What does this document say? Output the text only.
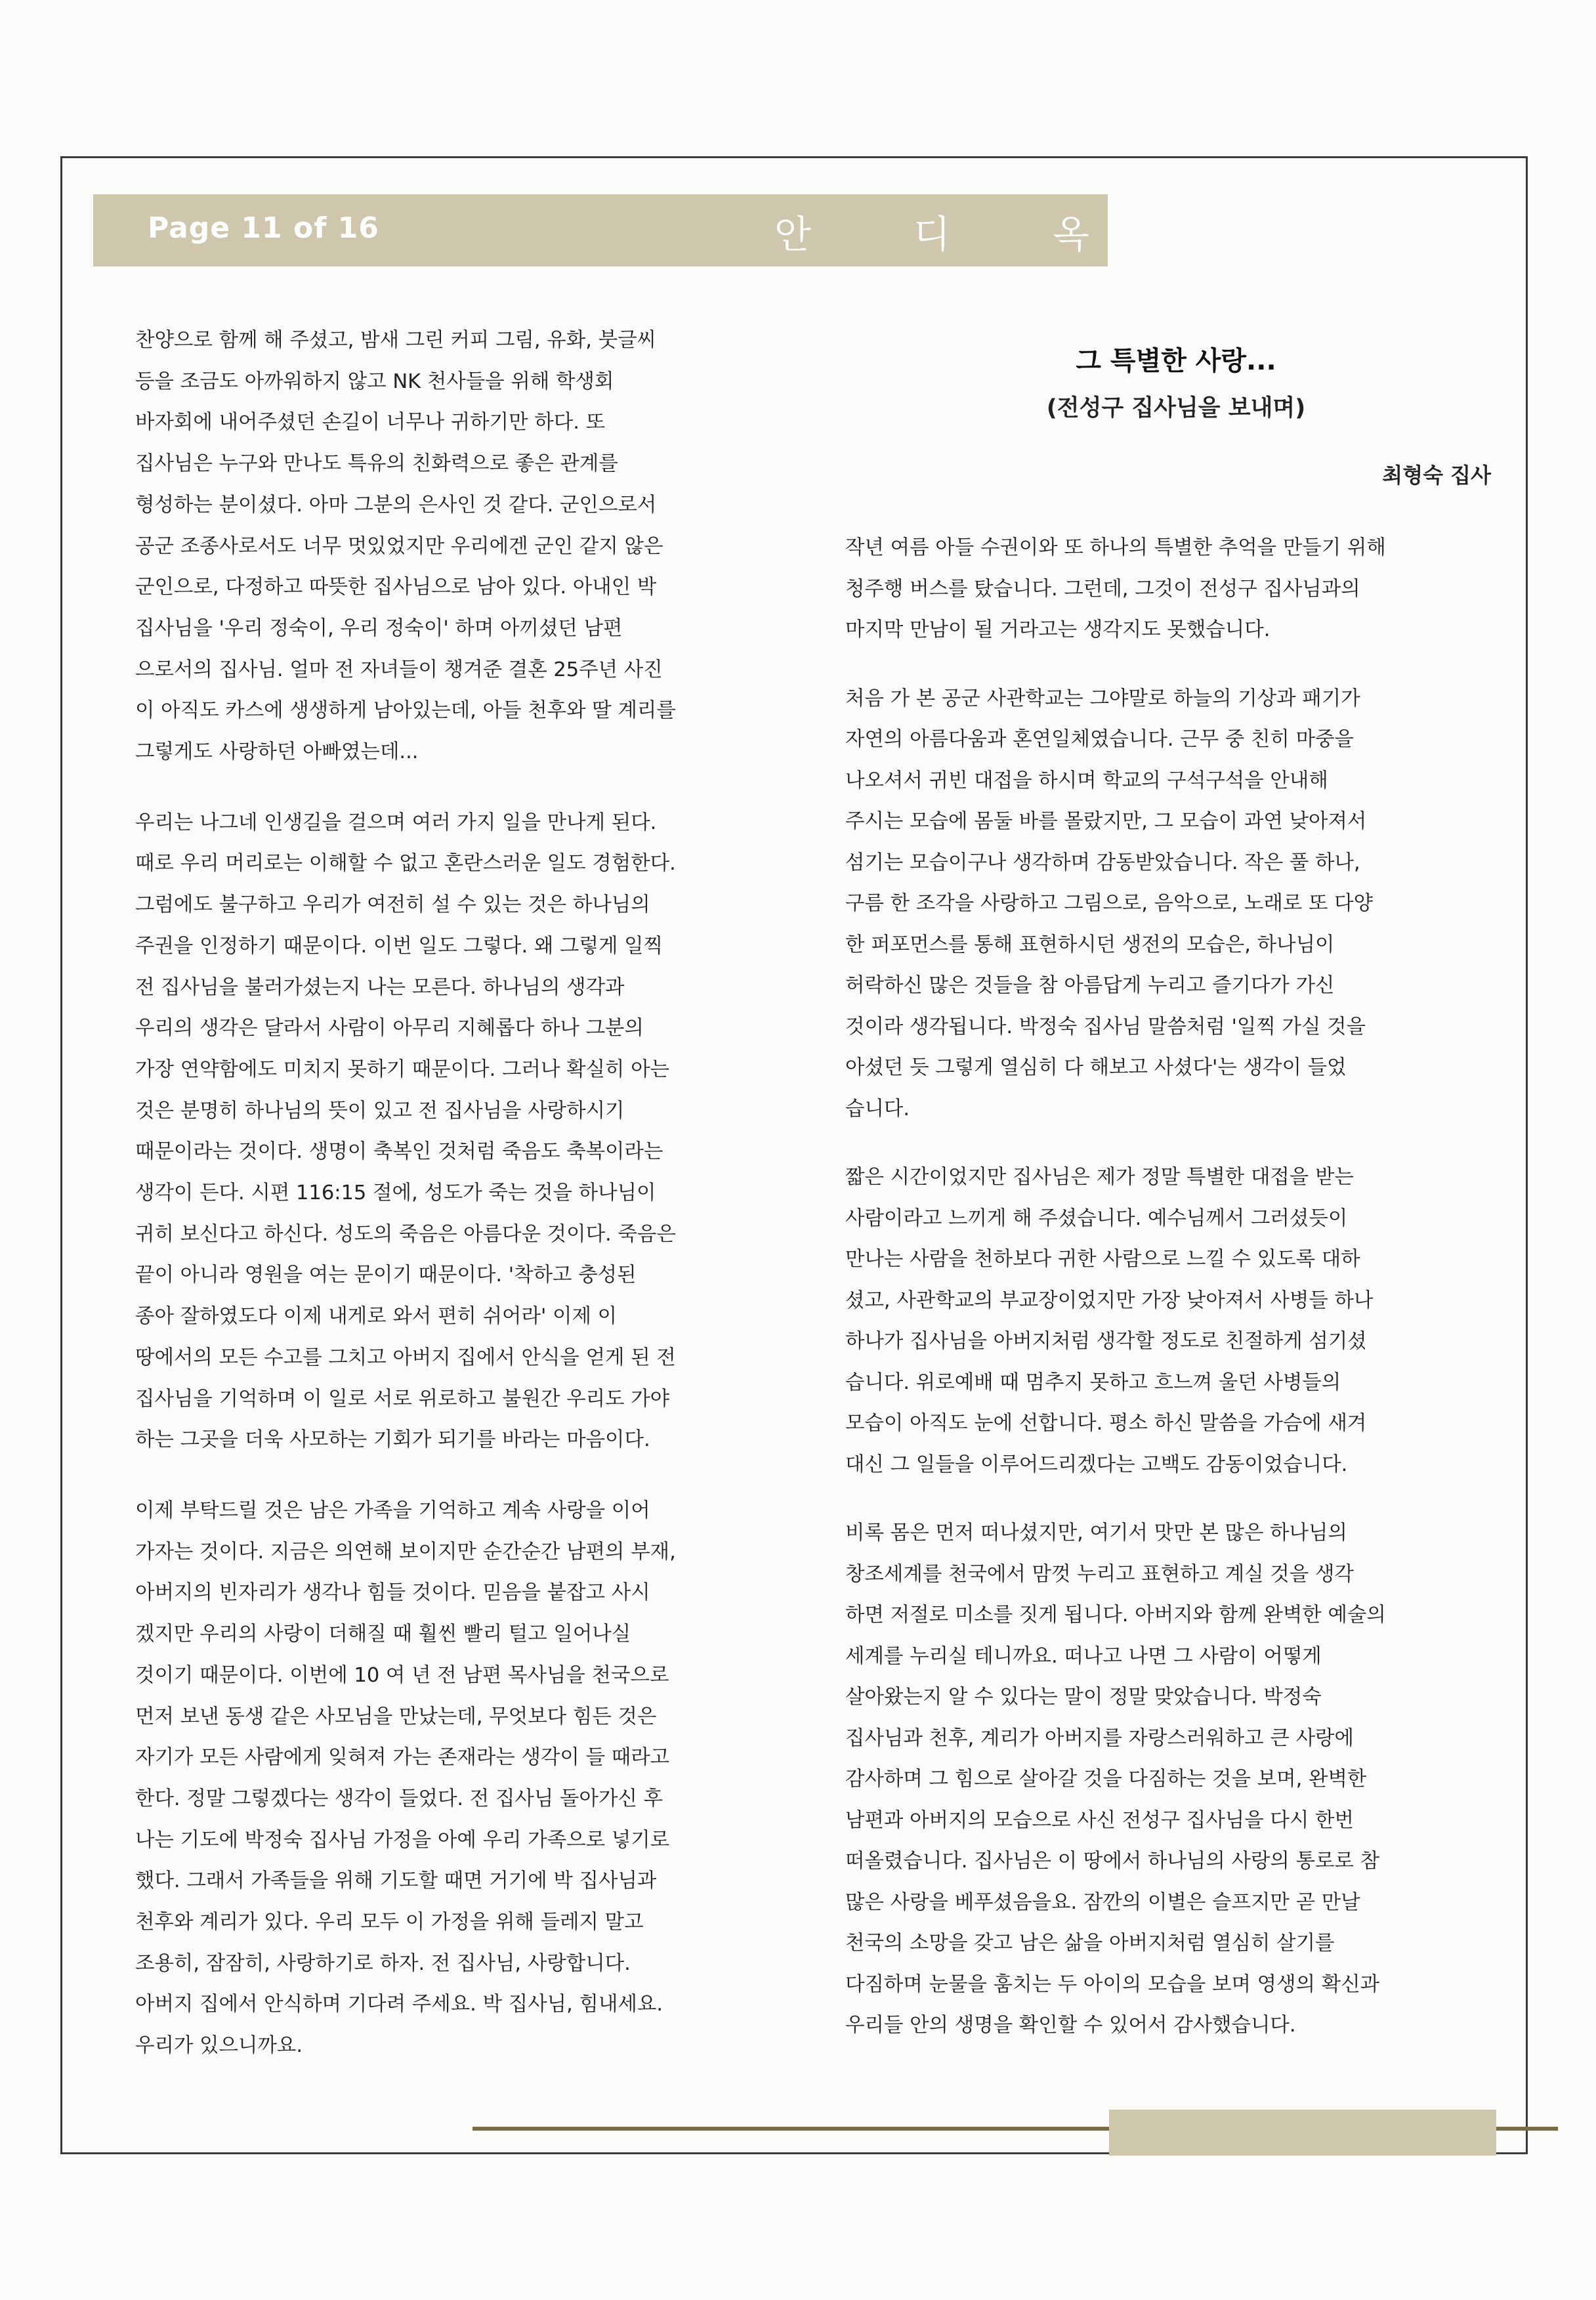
Page 11 of 16	안	디	옥
찬양으로 함께 해 주셨고, 밤새 그린 커피 그림, 유화, 붓글씨
등을 조금도 아까워하지 않고 NK 천사들을 위해 학생회
바자회에 내어주셨던 손길이 너무나 귀하기만 하다. 또
집사님은 누구와 만나도 특유의 친화력으로 좋은 관계를
형성하는 분이셨다. 아마 그분의 은사인 것 같다. 군인으로서
공군 조종사로서도 너무 멋있었지만 우리에겐 군인 같지 않은
군인으로, 다정하고 따뜻한 집사님으로 남아 있다. 아내인 박
집사님을 '우리 정숙이, 우리 정숙이' 하며 아끼셨던 남편
으로서의 집사님. 얼마 전 자녀들이 챙겨준 결혼 25주년 사진
이 아직도 카스에 생생하게 남아있는데, 아들 천후와 딸 계리를
그렇게도 사랑하던 아빠였는데...
우리는 나그네 인생길을 걸으며 여러 가지 일을 만나게 된다.
때로 우리 머리로는 이해할 수 없고 혼란스러운 일도 경험한다.
그럼에도 불구하고 우리가 여전히 설 수 있는 것은 하나님의
주권을 인정하기 때문이다. 이번 일도 그렇다. 왜 그렇게 일찍
전 집사님을 불러가셨는지 나는 모른다. 하나님의 생각과
우리의 생각은 달라서 사람이 아무리 지혜롭다 하나 그분의
가장 연약함에도 미치지 못하기 때문이다. 그러나 확실히 아는
것은 분명히 하나님의 뜻이 있고 전 집사님을 사랑하시기
때문이라는 것이다. 생명이 축복인 것처럼 죽음도 축복이라는
생각이 든다. 시편 116:15 절에, 성도가 죽는 것을 하나님이
귀히 보신다고 하신다. 성도의 죽음은 아름다운 것이다. 죽음은
끝이 아니라 영원을 여는 문이기 때문이다. '착하고 충성된
종아 잘하였도다 이제 내게로 와서 편히 쉬어라' 이제 이
땅에서의 모든 수고를 그치고 아버지 집에서 안식을 얻게 된 전
집사님을 기억하며 이 일로 서로 위로하고 불원간 우리도 가야
하는 그곳을 더욱 사모하는 기회가 되기를 바라는 마음이다.
이제 부탁드릴 것은 남은 가족을 기억하고 계속 사랑을 이어
가자는 것이다. 지금은 의연해 보이지만 순간순간 남편의 부재,
아버지의 빈자리가 생각나 힘들 것이다. 믿음을 붙잡고 사시
겠지만 우리의 사랑이 더해질 때 훨씬 빨리 털고 일어나실
것이기 때문이다. 이번에 10 여 년 전 남편 목사님을 천국으로
먼저 보낸 동생 같은 사모님을 만났는데, 무엇보다 힘든 것은
자기가 모든 사람에게 잊혀져 가는 존재라는 생각이 들 때라고
한다. 정말 그렇겠다는 생각이 들었다. 전 집사님 돌아가신 후
나는 기도에 박정숙 집사님 가정을 아예 우리 가족으로 넣기로
했다. 그래서 가족들을 위해 기도할 때면 거기에 박 집사님과
천후와 계리가 있다. 우리 모두 이 가정을 위해 들레지 말고
조용히, 잠잠히, 사랑하기로 하자. 전 집사님, 사랑합니다.
아버지 집에서 안식하며 기다려 주세요. 박 집사님, 힘내세요.
우리가 있으니까요.
그 특별한 사랑...
(전성구 집사님을 보내며)
최형숙 집사
작년 여름 아들 수권이와 또 하나의 특별한 추억을 만들기 위해
청주행 버스를 탔습니다. 그런데, 그것이 전성구 집사님과의
마지막 만남이 될 거라고는 생각지도 못했습니다.
처음 가 본 공군 사관학교는 그야말로 하늘의 기상과 패기가
자연의 아름다움과 혼연일체였습니다. 근무 중 친히 마중을
나오셔서 귀빈 대접을 하시며 학교의 구석구석을 안내해
주시는 모습에 몸둘 바를 몰랐지만, 그 모습이 과연 낮아져서
섬기는 모습이구나 생각하며 감동받았습니다. 작은 풀 하나,
구름 한 조각을 사랑하고 그림으로, 음악으로, 노래로 또 다양
한 퍼포먼스를 통해 표현하시던 생전의 모습은, 하나님이
허락하신 많은 것들을 참 아름답게 누리고 즐기다가 가신
것이라 생각됩니다. 박정숙 집사님 말씀처럼 '일찍 가실 것을
아셨던 듯 그렇게 열심히 다 해보고 사셨다'는 생각이 들었
습니다.
짧은 시간이었지만 집사님은 제가 정말 특별한 대접을 받는
사람이라고 느끼게 해 주셨습니다. 예수님께서 그러셨듯이
만나는 사람을 천하보다 귀한 사람으로 느낄 수 있도록 대하
셨고, 사관학교의 부교장이었지만 가장 낮아져서 사병들 하나
하나가 집사님을 아버지처럼 생각할 정도로 친절하게 섬기셨
습니다. 위로예배 때 멈추지 못하고 흐느껴 울던 사병들의
모습이 아직도 눈에 선합니다. 평소 하신 말씀을 가슴에 새겨
대신 그 일들을 이루어드리겠다는 고백도 감동이었습니다.
비록 몸은 먼저 떠나셨지만, 여기서 맛만 본 많은 하나님의
창조세계를 천국에서 맘껏 누리고 표현하고 계실 것을 생각
하면 저절로 미소를 짓게 됩니다. 아버지와 함께 완벽한 예술의
세계를 누리실 테니까요. 떠나고 나면 그 사람이 어떻게
살아왔는지 알 수 있다는 말이 정말 맞았습니다. 박정숙
집사님과 천후, 계리가 아버지를 자랑스러워하고 큰 사랑에
감사하며 그 힘으로 살아갈 것을 다짐하는 것을 보며, 완벽한
남편과 아버지의 모습으로 사신 전성구 집사님을 다시 한번
떠올렸습니다. 집사님은 이 땅에서 하나님의 사랑의 통로로 참
많은 사랑을 베푸셨음을요. 잠깐의 이별은 슬프지만 곧 만날
천국의 소망을 갖고 남은 삶을 아버지처럼 열심히 살기를
다짐하며 눈물을 훔치는 두 아이의 모습을 보며 영생의 확신과
우리들 안의 생명을 확인할 수 있어서 감사했습니다.
